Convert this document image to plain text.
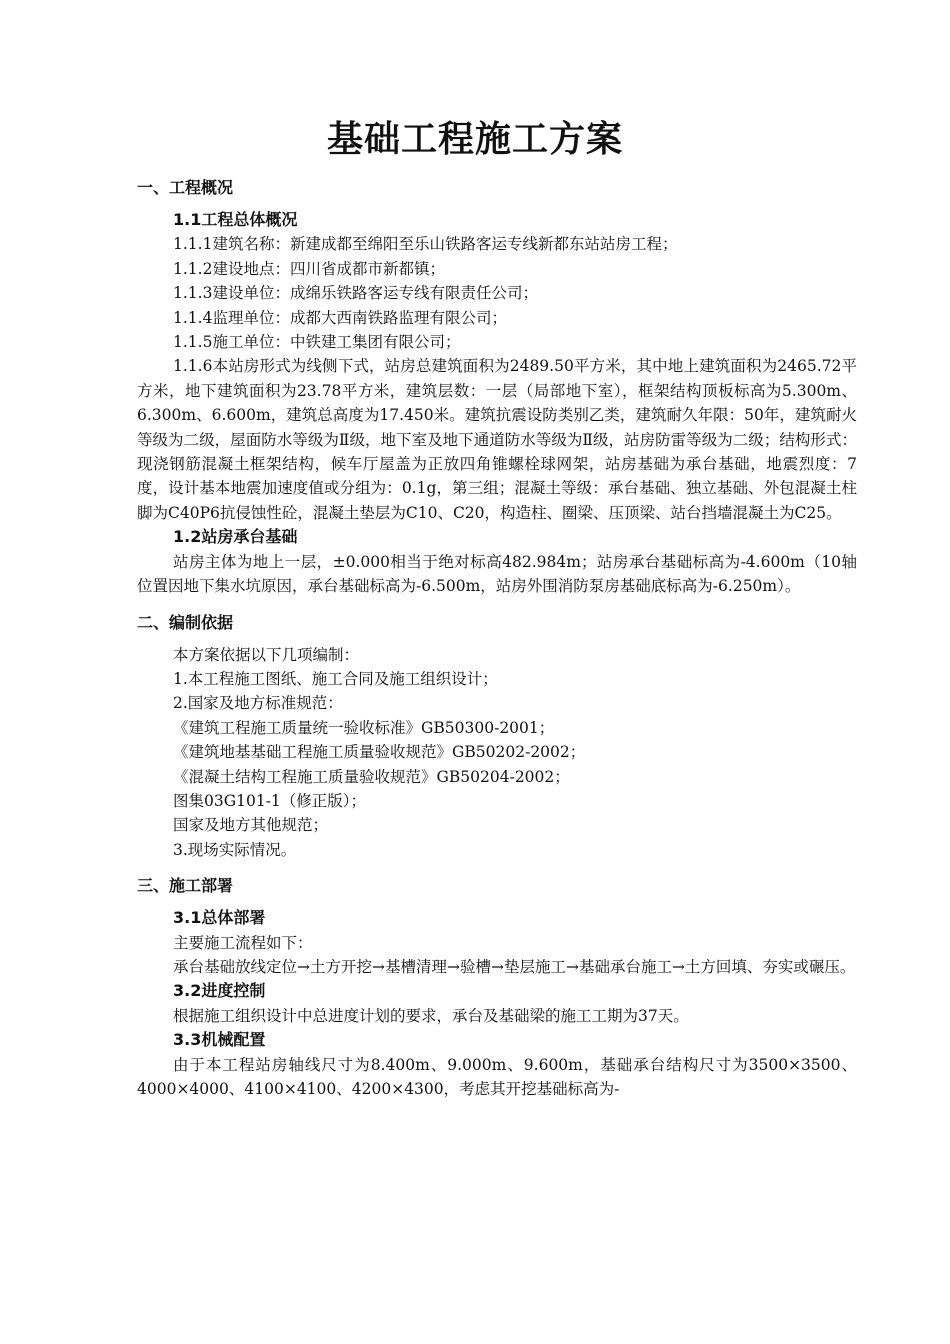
基础工程施工方案
一、工程概况
1.1工程总体概况
1.1.1建筑名称：新建成都至绵阳至乐山铁路客运专线新都东站站房工程；
1.1.2建设地点：四川省成都市新都镇；
1.1.3建设单位：成绵乐铁路客运专线有限责任公司；
1.1.4监理单位：成都大西南铁路监理有限公司；
1.1.5施工单位：中铁建工集团有限公司；
1.1.6本站房形式为线侧下式，站房总建筑面积为2489.50平方米，其中地上建筑面积为2465.72平方米，地下建筑面积为23.78平方米，建筑层数：一层（局部地下室），框架结构顶板标高为5.300m、6.300m、6.600m，建筑总高度为17.450米。建筑抗震设防类别乙类，建筑耐久年限：50年，建筑耐火等级为二级，屋面防水等级为Ⅱ级，地下室及地下通道防水等级为Ⅱ级，站房防雷等级为二级；结构形式：现浇钢筋混凝土框架结构，候车厅屋盖为正放四角锥螺栓球网架，站房基础为承台基础，地震烈度：7度，设计基本地震加速度值或分组为：0.1g，第三组；混凝土等级：承台基础、独立基础、外包混凝土柱脚为C40P6抗侵蚀性砼，混凝土垫层为C10、C20，构造柱、圈梁、压顶梁、站台挡墙混凝土为C25。
1.2站房承台基础
站房主体为地上一层，±0.000相当于绝对标高482.984m；站房承台基础标高为-4.600m（10轴位置因地下集水坑原因，承台基础标高为-6.500m，站房外围消防泵房基础底标高为-6.250m）。
二、编制依据
本方案依据以下几项编制：
1.本工程施工图纸、施工合同及施工组织设计；
2.国家及地方标准规范：
《建筑工程施工质量统一验收标准》GB50300-2001；
《建筑地基基础工程施工质量验收规范》GB50202-2002；
《混凝土结构工程施工质量验收规范》GB50204-2002；
图集03G101-1（修正版）；
国家及地方其他规范；
3.现场实际情况。
三、施工部署
3.1总体部署
主要施工流程如下：
承台基础放线定位→土方开挖→基槽清理→验槽→垫层施工→基础承台施工→土方回填、夯实或碾压。
3.2进度控制
根据施工组织设计中总进度计划的要求，承台及基础梁的施工工期为37天。
3.3机械配置
由于本工程站房轴线尺寸为8.400m、9.000m、9.600m，基础承台结构尺寸为3500×3500、4000×4000、4100×4100、4200×4300，考虑其开挖基础标高为-
